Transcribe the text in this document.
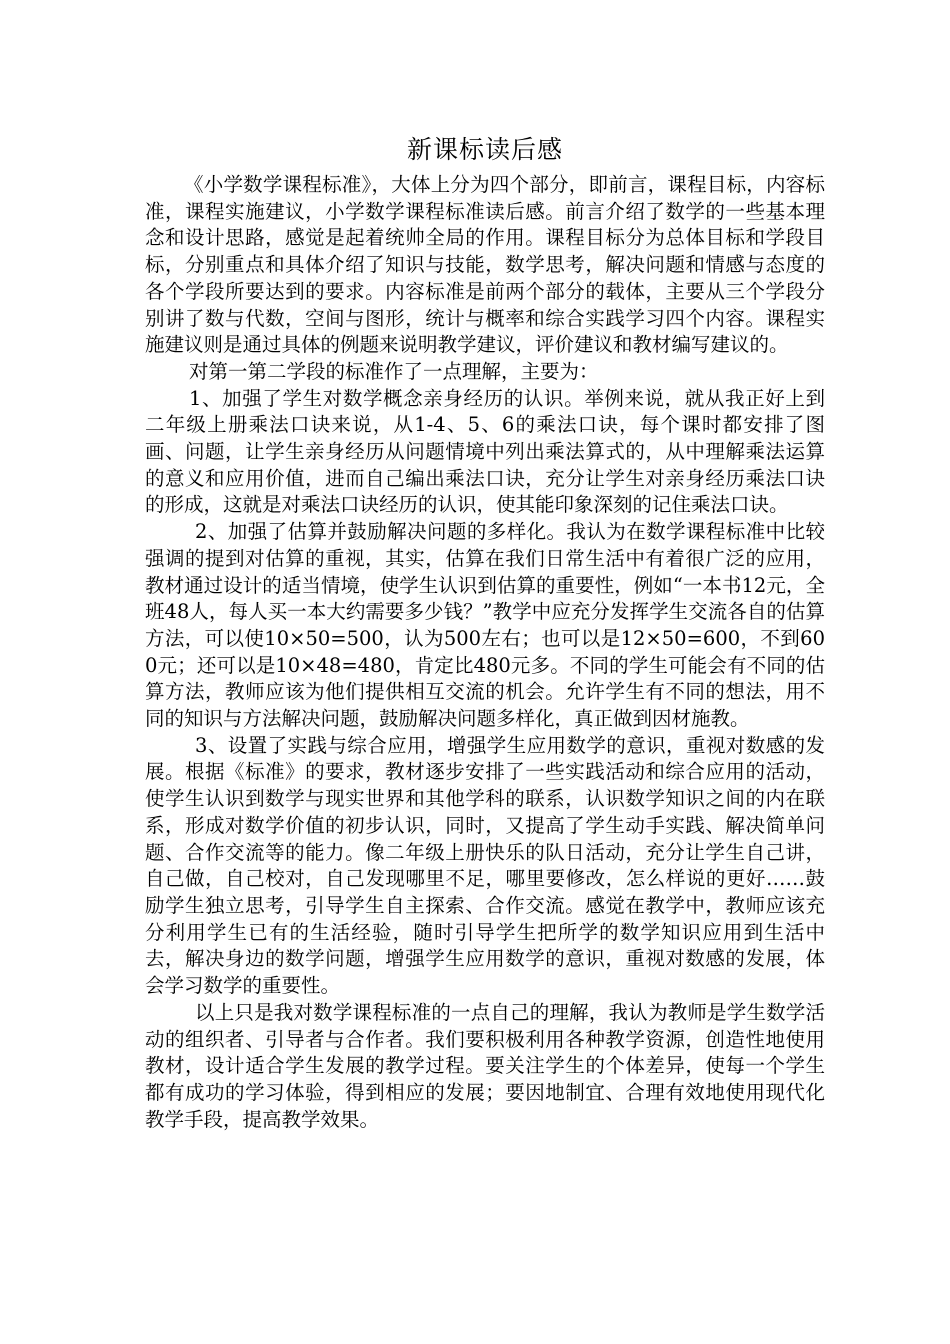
新课标读后感

《小学数学课程标准》，大体上分为四个部分，即前言，课程目标，内容标准，课程实施建议，小学数学课程标准读后感。前言介绍了数学的一些基本理念和设计思路，感觉是起着统帅全局的作用。课程目标分为总体目标和学段目标，分别重点和具体介绍了知识与技能，数学思考，解决问题和情感与态度的各个学段所要达到的要求。内容标准是前两个部分的载体，主要从三个学段分别讲了数与代数，空间与图形，统计与概率和综合实践学习四个内容。课程实施建议则是通过具体的例题来说明教学建议，评价建议和教材编写建议的。

对第一第二学段的标准作了一点理解，主要为：

1、加强了学生对数学概念亲身经历的认识。举例来说，就从我正好上到二年级上册乘法口诀来说，从1-4、5、6的乘法口诀，每个课时都安排了图画、问题，让学生亲身经历从问题情境中列出乘法算式的，从中理解乘法运算的意义和应用价值，进而自己编出乘法口诀，充分让学生对亲身经历乘法口诀的形成，这就是对乘法口诀经历的认识，使其能印象深刻的记住乘法口诀。

2、加强了估算并鼓励解决问题的多样化。我认为在数学课程标准中比较强调的提到对估算的重视，其实，估算在我们日常生活中有着很广泛的应用，教材通过设计的适当情境，使学生认识到估算的重要性，例如“一本书12元，全班48人，每人买一本大约需要多少钱？”教学中应充分发挥学生交流各自的估算方法，可以使10×50=500，认为500左右；也可以是12×50=600，不到600元；还可以是10×48=480，肯定比480元多。不同的学生可能会有不同的估算方法，教师应该为他们提供相互交流的机会。允许学生有不同的想法，用不同的知识与方法解决问题，鼓励解决问题多样化，真正做到因材施教。

3、设置了实践与综合应用，增强学生应用数学的意识，重视对数感的发展。根据《标准》的要求，教材逐步安排了一些实践活动和综合应用的活动，使学生认识到数学与现实世界和其他学科的联系，认识数学知识之间的内在联系，形成对数学价值的初步认识，同时，又提高了学生动手实践、解决简单问题、合作交流等的能力。像二年级上册快乐的队日活动，充分让学生自己讲，自己做，自己校对，自己发现哪里不足，哪里要修改，怎么样说的更好……鼓励学生独立思考，引导学生自主探索、合作交流。感觉在教学中，教师应该充分利用学生已有的生活经验，随时引导学生把所学的数学知识应用到生活中去，解决身边的数学问题，增强学生应用数学的意识，重视对数感的发展，体会学习数学的重要性。

以上只是我对数学课程标准的一点自己的理解，我认为教师是学生数学活动的组织者、引导者与合作者。我们要积极利用各种教学资源，创造性地使用教材，设计适合学生发展的教学过程。要关注学生的个体差异，使每一个学生都有成功的学习体验，得到相应的发展；要因地制宜、合理有效地使用现代化教学手段，提高教学效果。
